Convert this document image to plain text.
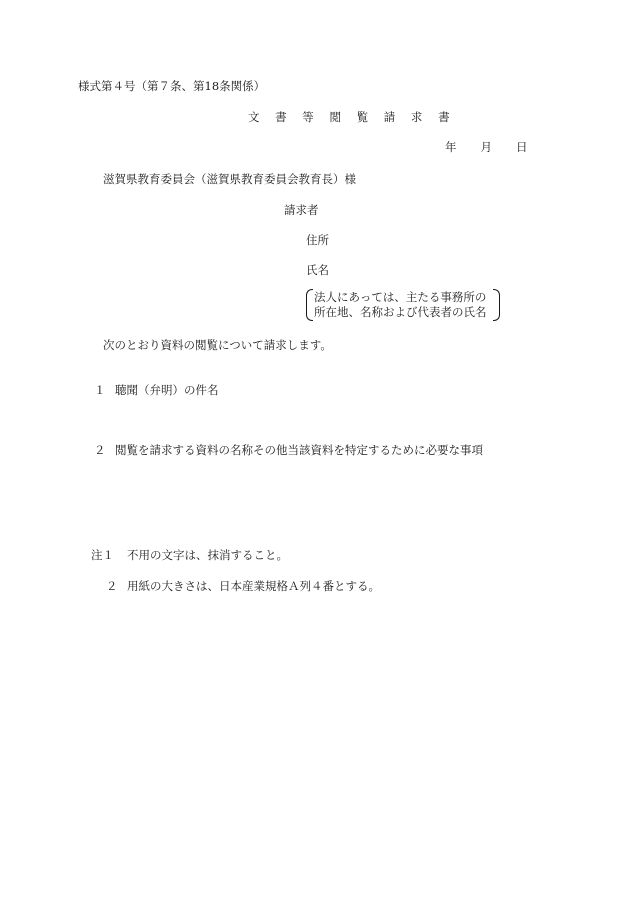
様式第４号（第７条、第18条関係）
文 書 等 閲 覧 請 求 書
年 月 日
滋賀県教育委員会（滋賀県教育委員会教育長）様
請求者
住所
氏名
法人にあっては、主たる事務所の
所在地、名称および代表者の氏名
次のとおり資料の閲覧について請求します。
１ 聴聞（弁明）の件名
２ 閲覧を請求する資料の名称その他当該資料を特定するために必要な事項
注１ 不用の文字は、抹消すること。
２ 用紙の大きさは、日本産業規格Ａ列４番とする。
